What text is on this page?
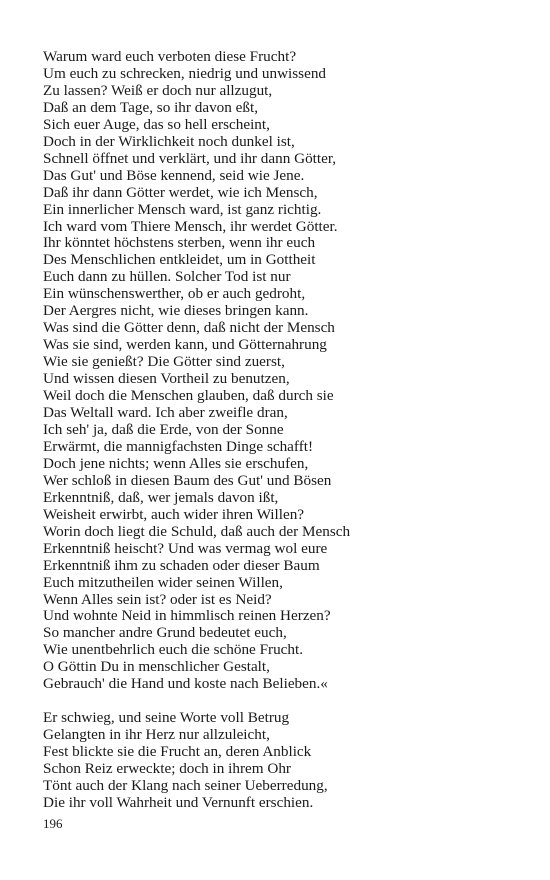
Warum ward euch verboten diese Frucht?
Um euch zu schrecken, niedrig und unwissend
Zu lassen? Weiß er doch nur allzugut,
Daß an dem Tage, so ihr davon eßt,
Sich euer Auge, das so hell erscheint,
Doch in der Wirklichkeit noch dunkel ist,
Schnell öffnet und verklärt, und ihr dann Götter,
Das Gut' und Böse kennend, seid wie Jene.
Daß ihr dann Götter werdet, wie ich Mensch,
Ein innerlicher Mensch ward, ist ganz richtig.
Ich ward vom Thiere Mensch, ihr werdet Götter.
Ihr könntet höchstens sterben, wenn ihr euch
Des Menschlichen entkleidet, um in Gottheit
Euch dann zu hüllen. Solcher Tod ist nur
Ein wünschenswerther, ob er auch gedroht,
Der Aergres nicht, wie dieses bringen kann.
Was sind die Götter denn, daß nicht der Mensch
Was sie sind, werden kann, und Götternahrung
Wie sie genießt? Die Götter sind zuerst,
Und wissen diesen Vortheil zu benutzen,
Weil doch die Menschen glauben, daß durch sie
Das Weltall ward. Ich aber zweifle dran,
Ich seh' ja, daß die Erde, von der Sonne
Erwärmt, die mannigfachsten Dinge schafft!
Doch jene nichts; wenn Alles sie erschufen,
Wer schloß in diesen Baum des Gut' und Bösen
Erkenntniß, daß, wer jemals davon ißt,
Weisheit erwirbt, auch wider ihren Willen?
Worin doch liegt die Schuld, daß auch der Mensch
Erkenntniß heischt? Und was vermag wol eure
Erkenntniß ihm zu schaden oder dieser Baum
Euch mitzutheilen wider seinen Willen,
Wenn Alles sein ist? oder ist es Neid?
Und wohnte Neid in himmlisch reinen Herzen?
So mancher andre Grund bedeutet euch,
Wie unentbehrlich euch die schöne Frucht.
O Göttin Du in menschlicher Gestalt,
Gebrauch' die Hand und koste nach Belieben.«
Er schwieg, und seine Worte voll Betrug
Gelangten in ihr Herz nur allzuleicht,
Fest blickte sie die Frucht an, deren Anblick
Schon Reiz erweckte; doch in ihrem Ohr
Tönt auch der Klang nach seiner Ueberredung,
Die ihr voll Wahrheit und Vernunft erschien.
196
